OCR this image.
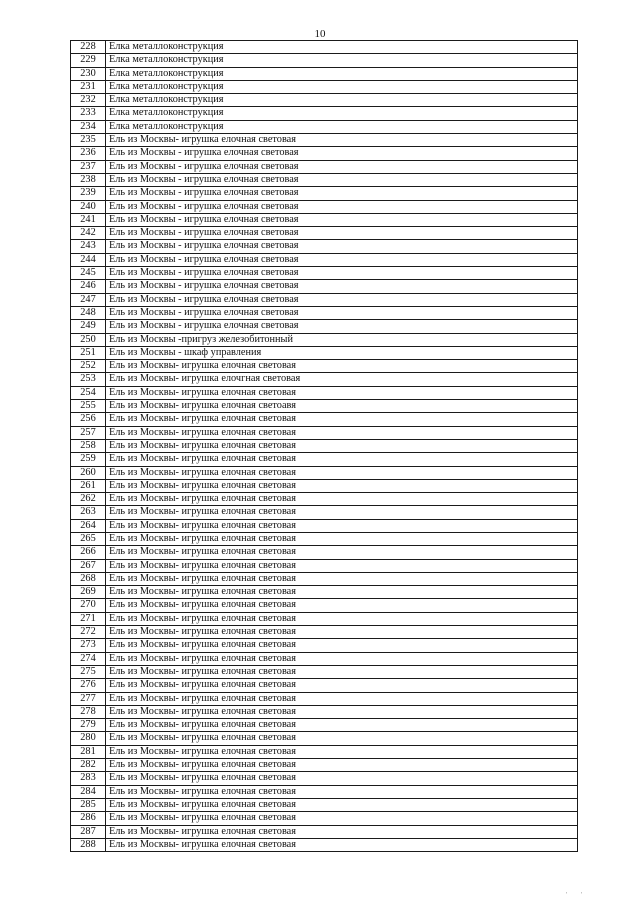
10
228	Елка металлоконструкция
229	Елка металлоконструкция
230	Елка металлоконструкция
231	Елка металлоконструкция
232	Елка металлоконструкция
233	Елка металлоконструкция
234	Елка металлоконструкция
235	Ель из Москвы- игрушка елочная световая
236	Ель из Москвы - игрушка елочная световая
237	Ель из Москвы - игрушка елочная световая
238	Ель из Москвы - игрушка елочная световая
239	Ель из Москвы - игрушка елочная световая
240	Ель из Москвы - игрушка елочная световая
241	Ель из Москвы - игрушка елочная световая
242	Ель из Москвы - игрушка елочная световая
243	Ель из Москвы - игрушка елочная световая
244	Ель из Москвы - игрушка елочная световая
245	Ель из Москвы - игрушка елочная световая
246	Ель из Москвы - игрушка елочная световая
247	Ель из Москвы - игрушка елочная световая
248	Ель из Москвы - игрушка елочная световая
249	Ель из Москвы - игрушка елочная световая
250	Ель из Москвы -пригруз железобитонный
251	Ель из Москвы - шкаф управления
252	Ель из Москвы- игрушка елочная световая
253	Ель из Москвы- игрушка елочгная световая
254	Ель из Москвы- игрушка елочная световая
255	Ель из Москвы- игрушка елочная светоавя
256	Ель из Москвы- игрушка елочная световая
257	Ель из Москвы- игрушка елочная световая
258	Ель из Москвы- игрушка елочная световая
259	Ель из Москвы- игрушка елочная световая
260	Ель из Москвы- игрушка елочная световая
261	Ель из Москвы- игрушка елочная световая
262	Ель из Москвы- игрушка елочная световая
263	Ель из Москвы- игрушка елочная световая
264	Ель из Москвы- игрушка елочная световая
265	Ель из Москвы- игрушка елочная световая
266	Ель из Москвы- игрушка елочная световая
267	Ель из Москвы- игрушка елочная световая
268	Ель из Москвы- игрушка елочная световая
269	Ель из Москвы- игрушка елочная световая
270	Ель из Москвы- игрушка елочная световая
271	Ель из Москвы- игрушка елочная световая
272	Ель из Москвы- игрушка елочная световая
273	Ель из Москвы- игрушка елочная световая
274	Ель из Москвы- игрушка елочная световая
275	Ель из Москвы- игрушка елочная световая
276	Ель из Москвы- игрушка елочная световая
277	Ель из Москвы- игрушка елочная световая
278	Ель из Москвы- игрушка елочная световая
279	Ель из Москвы- игрушка елочная световая
280	Ель из Москвы- игрушка елочная световая
281	Ель из Москвы- игрушка елочная световая
282	Ель из Москвы- игрушка елочная световая
283	Ель из Москвы- игрушка елочная световая
284	Ель из Москвы- игрушка елочная световая
285	Ель из Москвы- игрушка елочная световая
286	Ель из Москвы- игрушка елочная световая
287	Ель из Москвы- игрушка елочная световая
288	Ель из Москвы- игрушка елочная световая
' '
